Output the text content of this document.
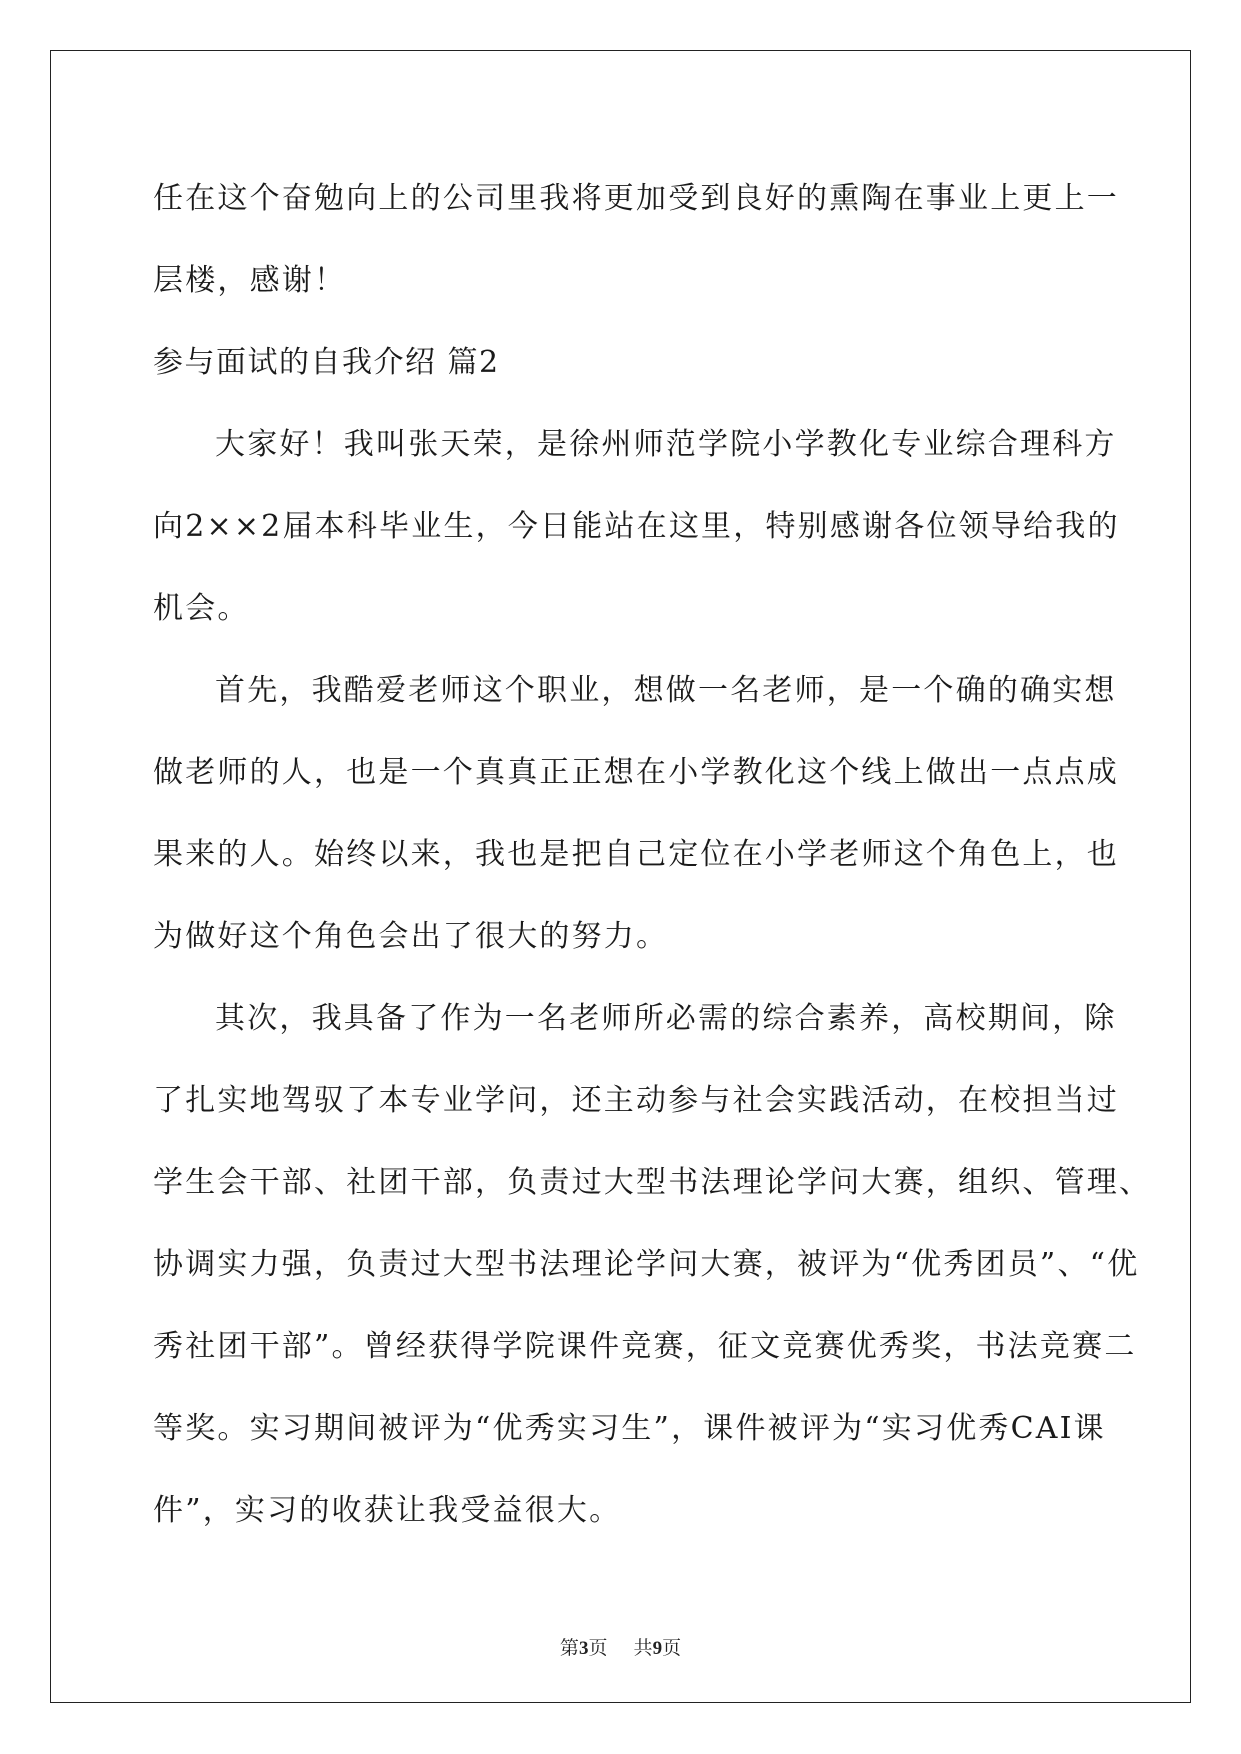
任在这个奋勉向上的公司里我将更加受到良好的熏陶在事业上更上一
层楼，感谢！
参与面试的自我介绍 篇2
大家好！我叫张天荣，是徐州师范学院小学教化专业综合理科方
向2××2届本科毕业生，今日能站在这里，特别感谢各位领导给我的
机会。
首先，我酷爱老师这个职业，想做一名老师，是一个确的确实想
做老师的人，也是一个真真正正想在小学教化这个线上做出一点点成
果来的人。始终以来，我也是把自己定位在小学老师这个角色上，也
为做好这个角色会出了很大的努力。
其次，我具备了作为一名老师所必需的综合素养，高校期间，除
了扎实地驾驭了本专业学问，还主动参与社会实践活动，在校担当过
学生会干部、社团干部，负责过大型书法理论学问大赛，组织、管理、
协调实力强，负责过大型书法理论学问大赛，被评为“优秀团员”、“优
秀社团干部”。曾经获得学院课件竞赛，征文竞赛优秀奖，书法竞赛二
等奖。实习期间被评为“优秀实习生”，课件被评为“实习优秀CAI课
件”，实习的收获让我受益很大。
第3页 共9页
